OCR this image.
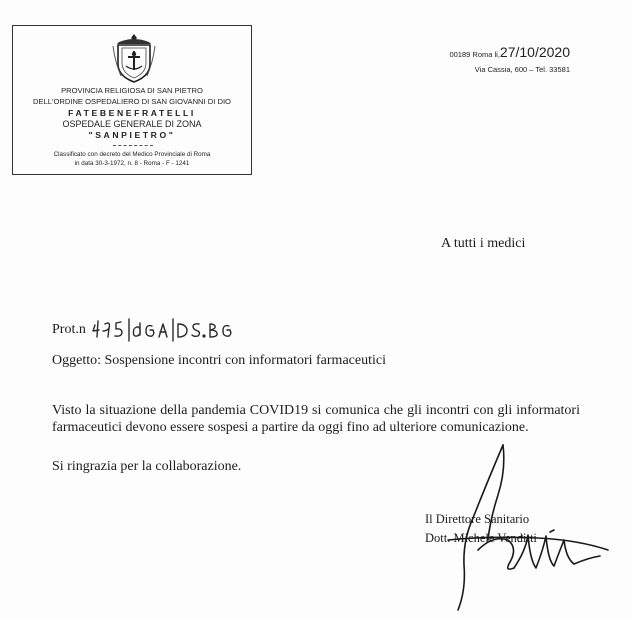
PROVINCIA RELIGIOSA DI SAN PIETRO
DELL'ORDINE OSPEDALIERO DI SAN GIOVANNI DI DIO
FATEBENEFRATELLI
OSPEDALE GENERALE DI ZONA
"SANPIETRO"
Classificato con decreto del Medico Provinciale di Roma
in data 30-3-1972, n. 8 - Roma - F - 1241
00189 Roma li,27/10/2020
Via Cassia, 600 – Tel. 33581
A tutti i medici
Prot.n
Oggetto: Sospensione incontri con informatori farmaceutici

Visto la situazione della pandemia COVID19 si comunica che gli incontri con gli informatori farmaceutici devono essere sospesi a partire da oggi fino ad ulteriore comunicazione.

Si ringrazia per la collaborazione.
Il Direttore Sanitario
Dott. Michele Venditti
